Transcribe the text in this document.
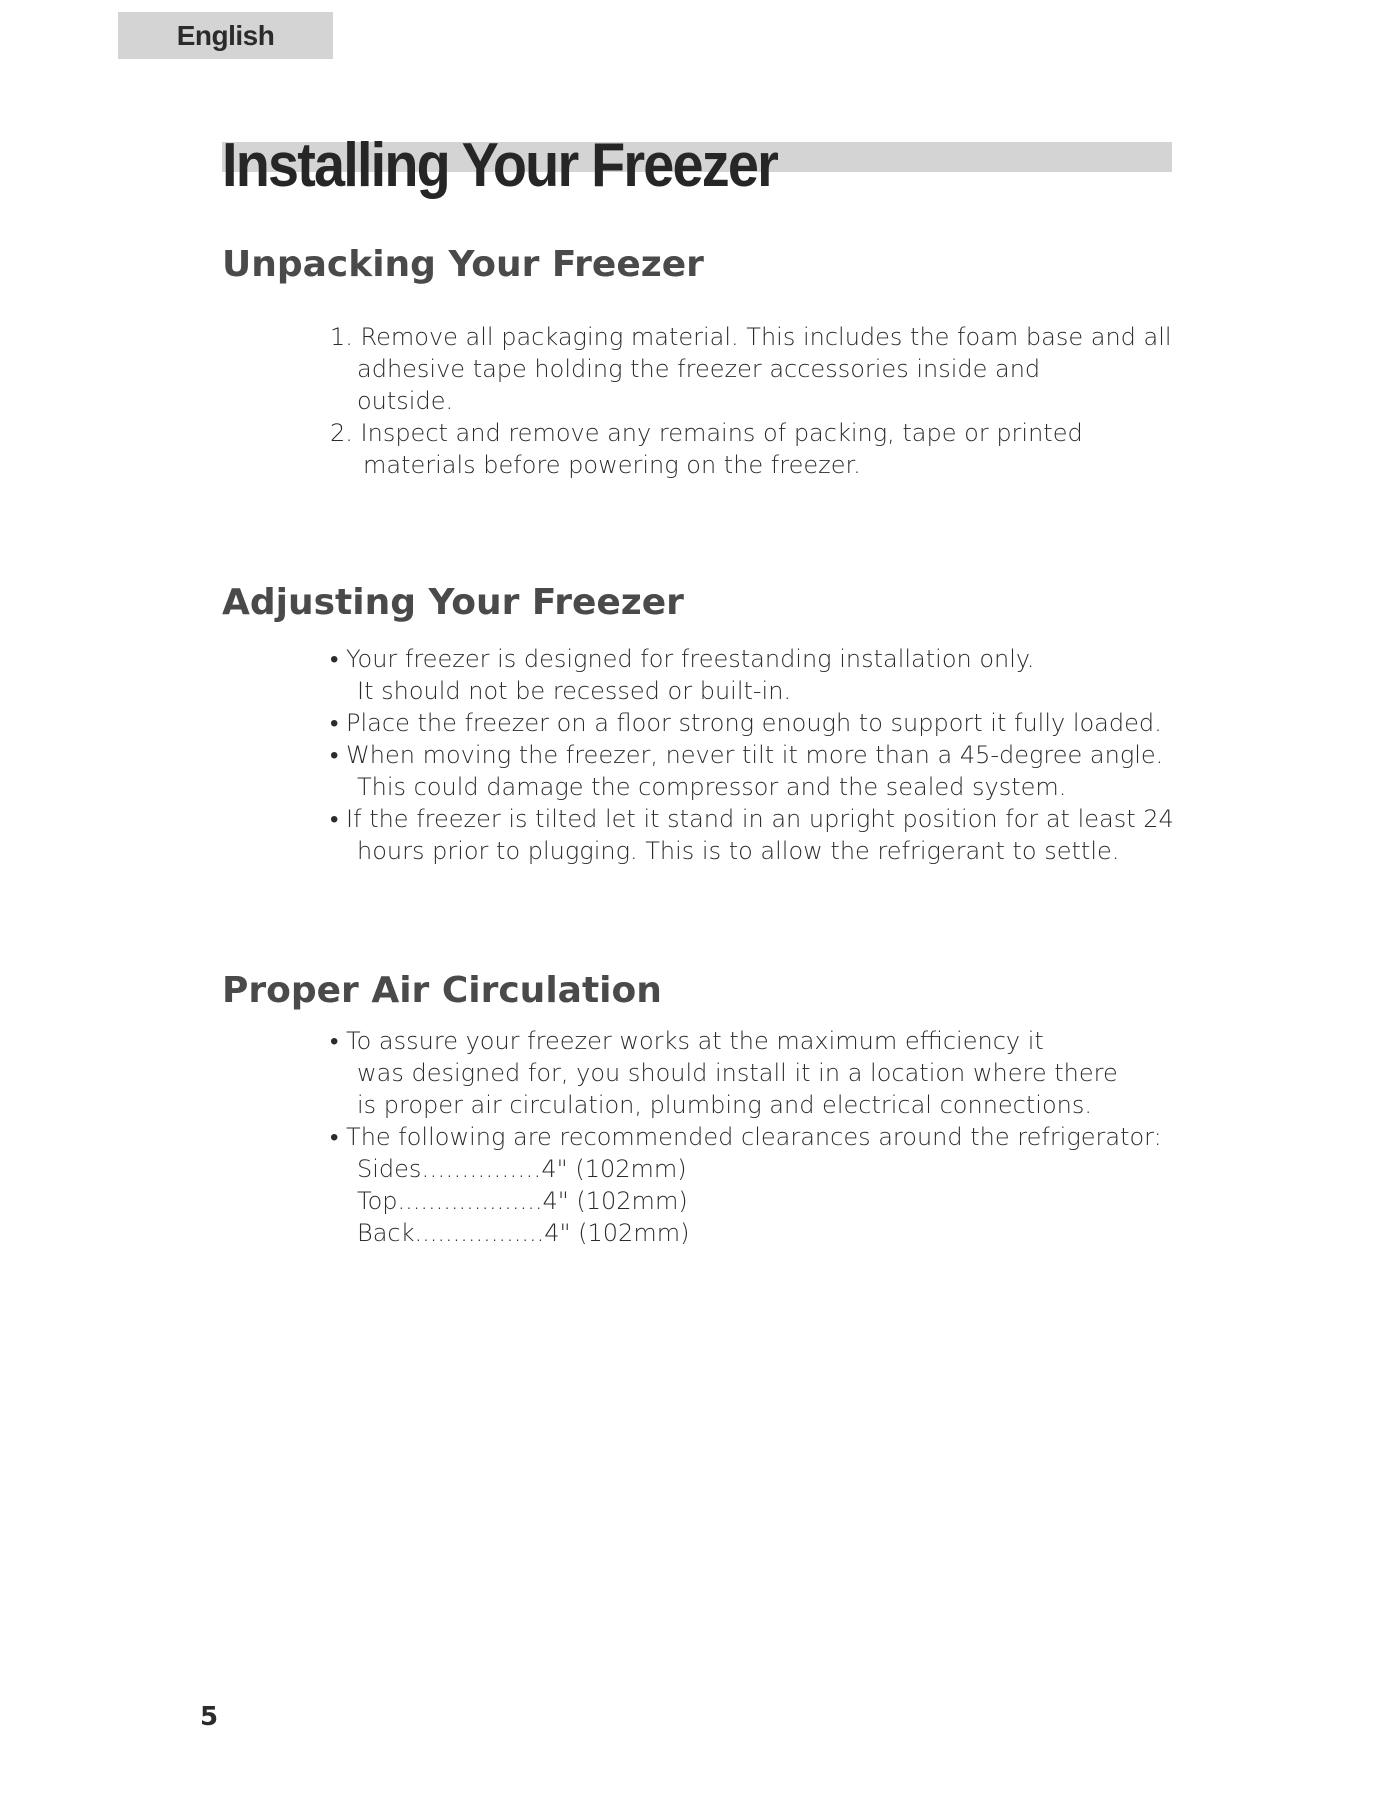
English
Installing Your Freezer
Unpacking Your Freezer
1. Remove all packaging material. This includes the foam base and all
adhesive tape holding the freezer accessories inside and
outside.
2. Inspect and remove any remains of packing, tape or printed
materials before powering on the freezer.
Adjusting Your Freezer
• Your freezer is designed for freestanding installation only.
It should not be recessed or built-in.
• Place the freezer on a floor strong enough to support it fully loaded.
• When moving the freezer, never tilt it more than a 45-degree angle.
This could damage the compressor and the sealed system.
• If the freezer is tilted let it stand in an upright position for at least 24
hours prior to plugging. This is to allow the refrigerant to settle.
Proper Air Circulation
• To assure your freezer works at the maximum efficiency it
was designed for, you should install it in a location where there
is proper air circulation, plumbing and electrical connections.
• The following are recommended clearances around the refrigerator:
Sides……………4" (102mm)
Top...................4" (102mm)
Back.................4" (102mm)
5
